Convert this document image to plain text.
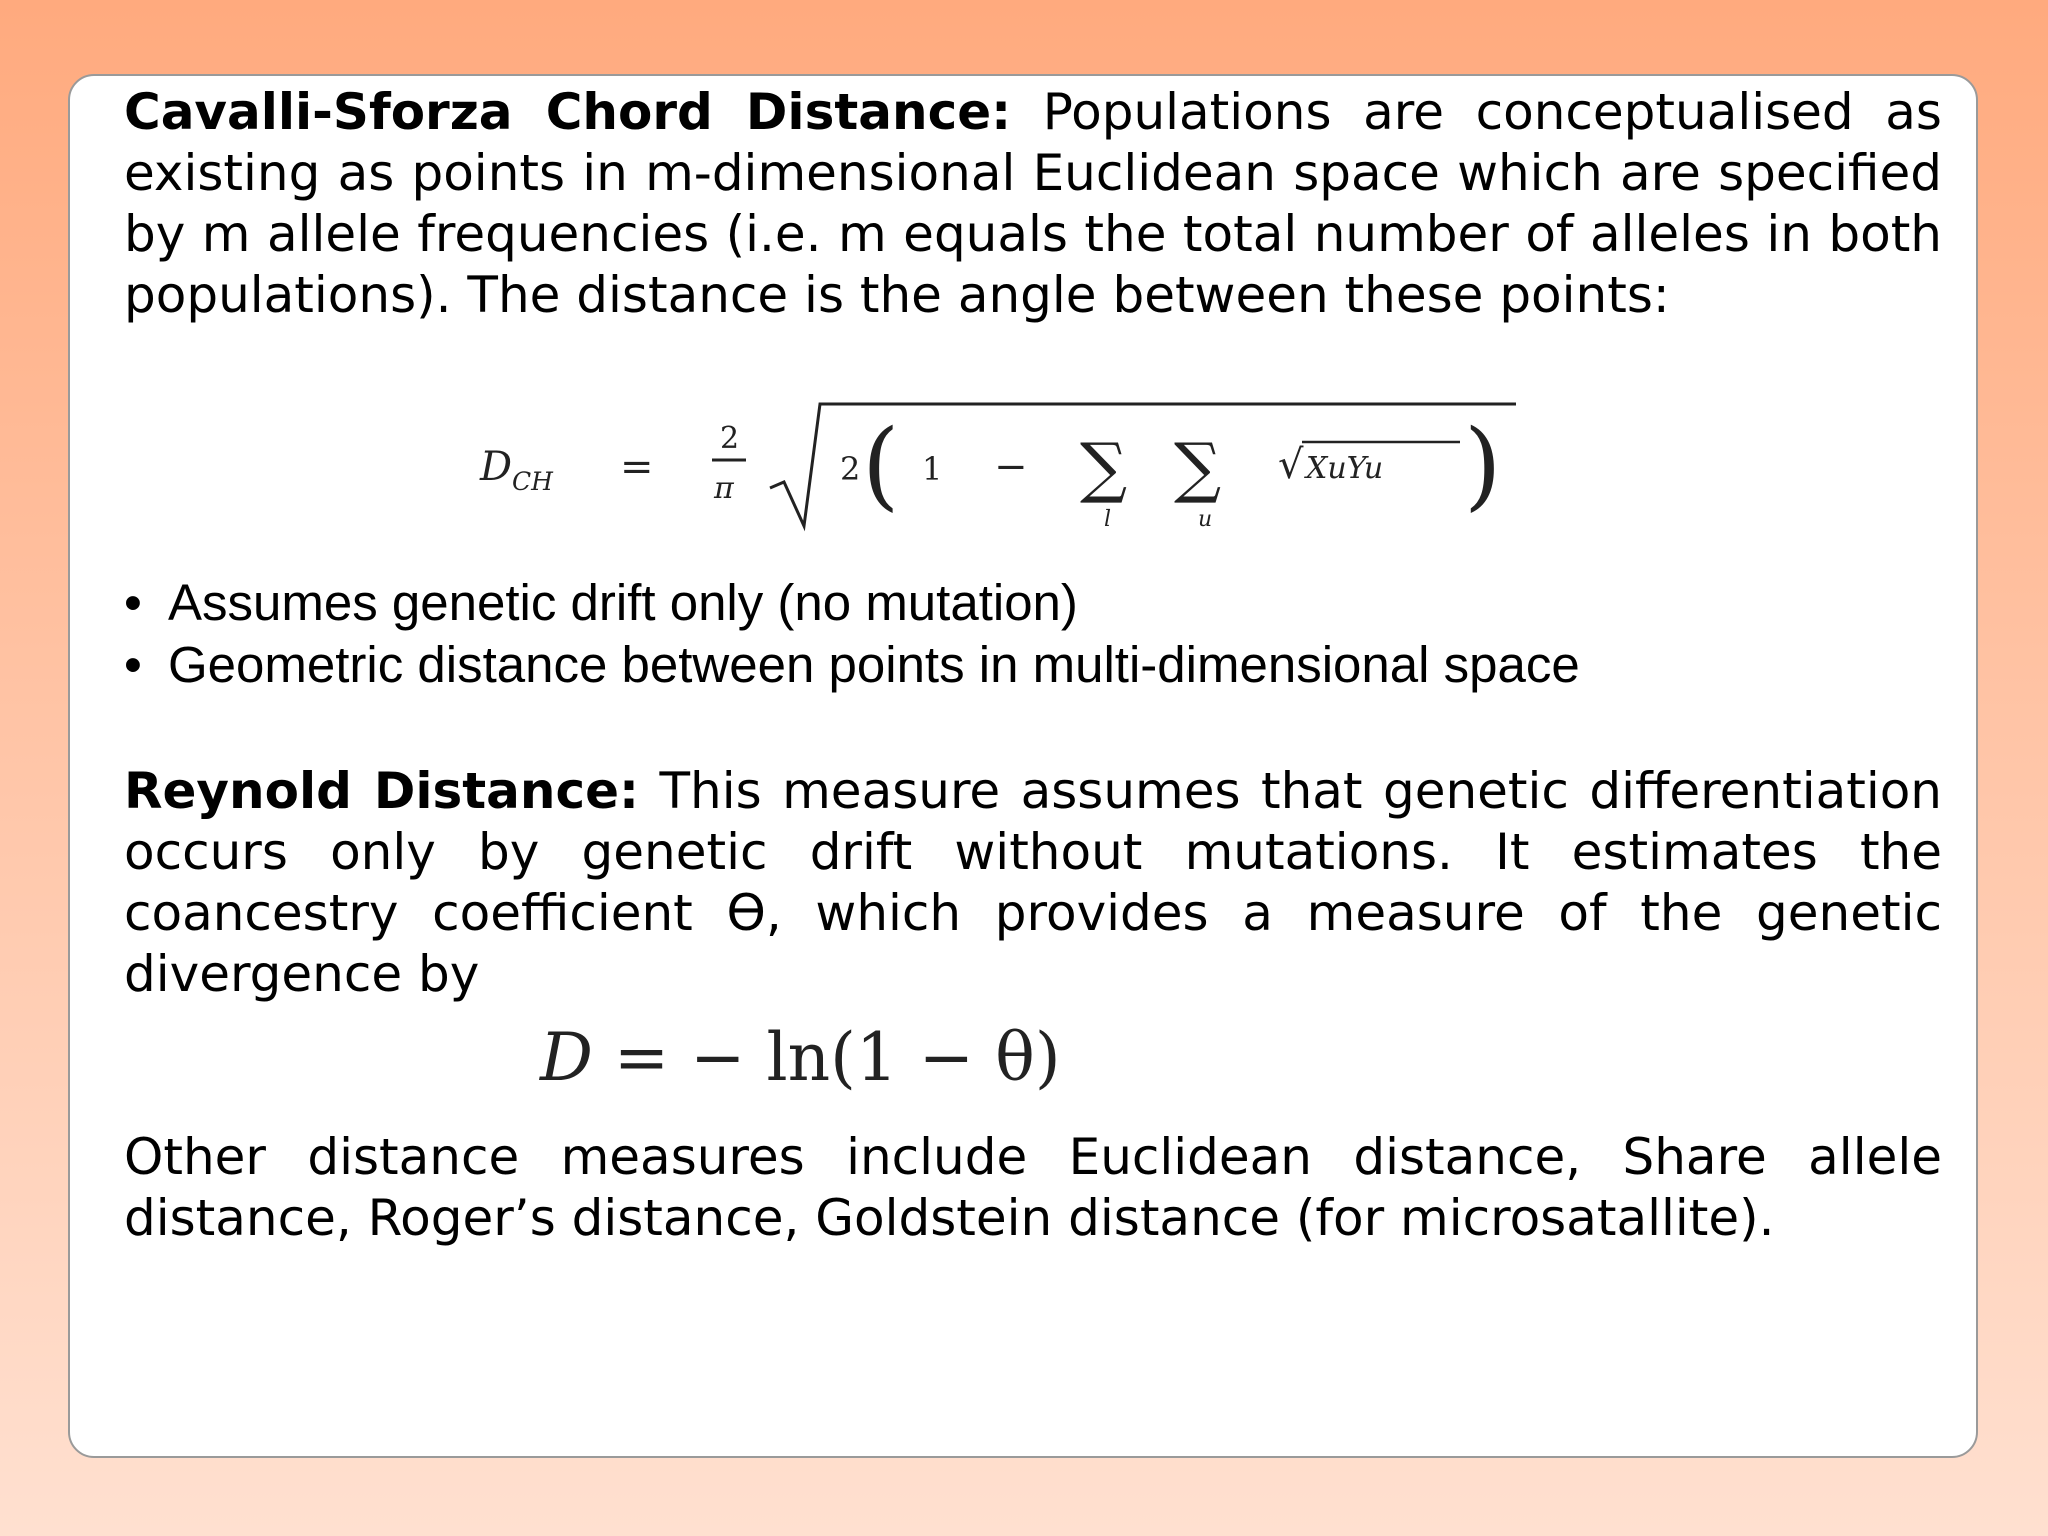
Cavalli-Sforza Chord Distance: Populations are conceptualised as existing as points in m-dimensional Euclidean space which are specified by m allele frequencies (i.e. m equals the total number of alleles in both populations). The distance is the angle between these points:

D CH =
2
π
2 ( 1 − ∑
l
∑
u
√ XuYu )
• Assumes genetic drift only (no mutation)
• Geometric distance between points in multi-dimensional space

Reynold Distance: This measure assumes that genetic differentiation occurs only by genetic drift without mutations. It estimates the coancestry coefficient ϴ, which provides a measure of the genetic divergence by

D = − ln(1 − θ)

Other distance measures include Euclidean distance, Share allele distance, Roger’s distance, Goldstein distance (for microsatallite).
